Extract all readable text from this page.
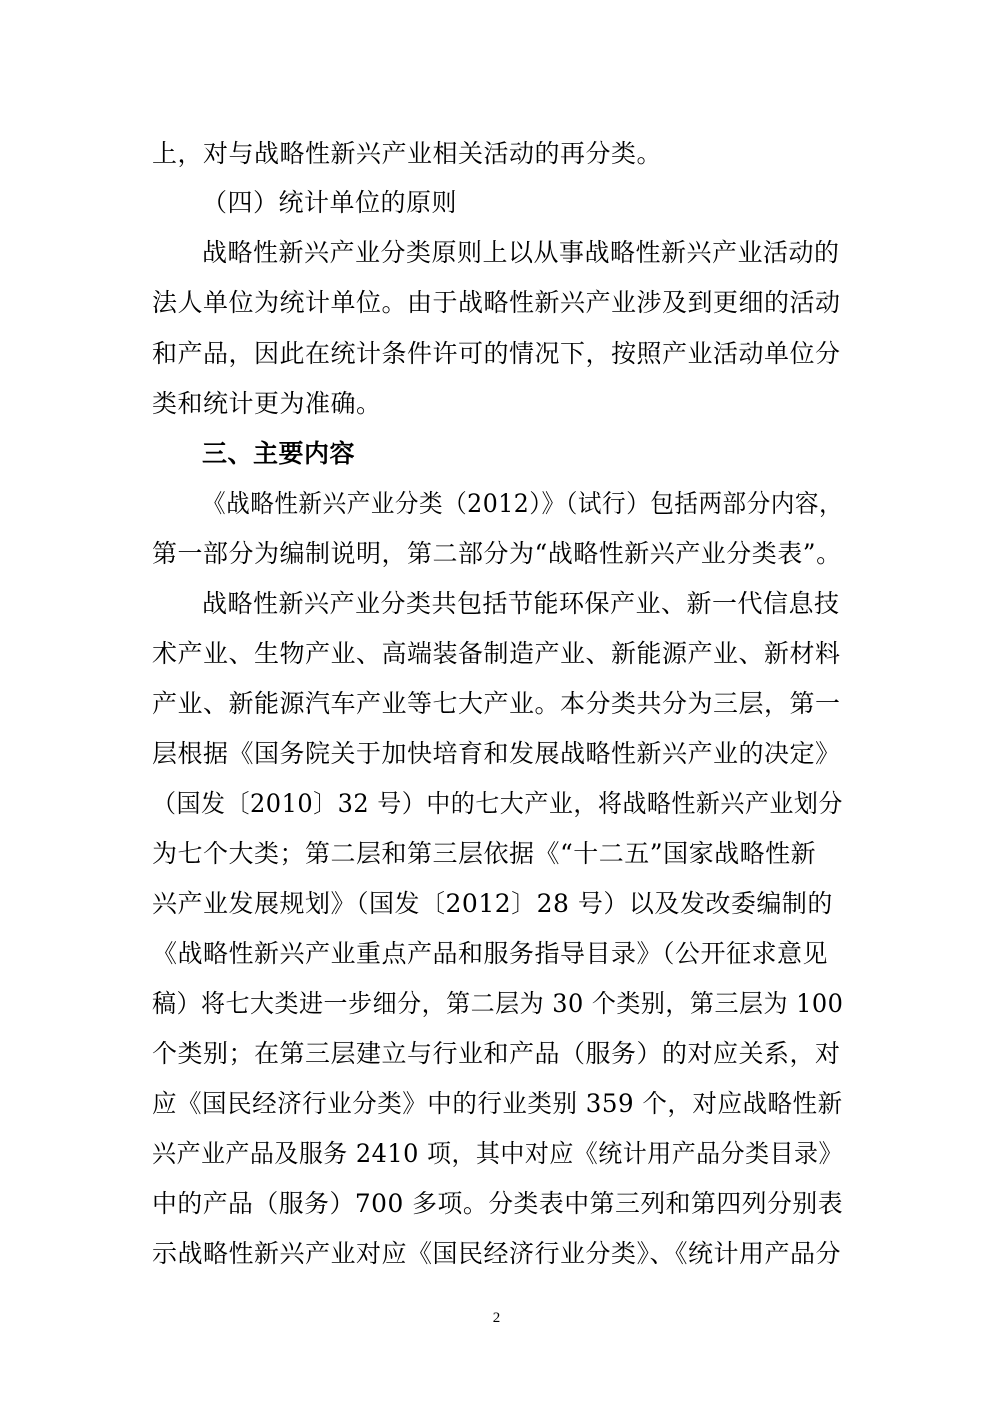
上，对与战略性新兴产业相关活动的再分类。
（四）统计单位的原则
战略性新兴产业分类原则上以从事战略性新兴产业活动的
法人单位为统计单位。由于战略性新兴产业涉及到更细的活动
和产品，因此在统计条件许可的情况下，按照产业活动单位分
类和统计更为准确。
三、主要内容
《战略性新兴产业分类（2012）》（试行）包括两部分内容，
第一部分为编制说明，第二部分为“战略性新兴产业分类表”。
战略性新兴产业分类共包括节能环保产业、新一代信息技
术产业、生物产业、高端装备制造产业、新能源产业、新材料
产业、新能源汽车产业等七大产业。本分类共分为三层，第一
层根据《国务院关于加快培育和发展战略性新兴产业的决定》
（国发〔2010〕32 号）中的七大产业，将战略性新兴产业划分
为七个大类；第二层和第三层依据《“十二五”国家战略性新
兴产业发展规划》（国发〔2012〕28 号）以及发改委编制的
《战略性新兴产业重点产品和服务指导目录》（公开征求意见
稿）将七大类进一步细分，第二层为 30 个类别，第三层为 100
个类别；在第三层建立与行业和产品（服务）的对应关系，对
应《国民经济行业分类》中的行业类别 359 个，对应战略性新
兴产业产品及服务 2410 项，其中对应《统计用产品分类目录》
中的产品（服务）700 多项。分类表中第三列和第四列分别表
示战略性新兴产业对应《国民经济行业分类》、《统计用产品分
2
